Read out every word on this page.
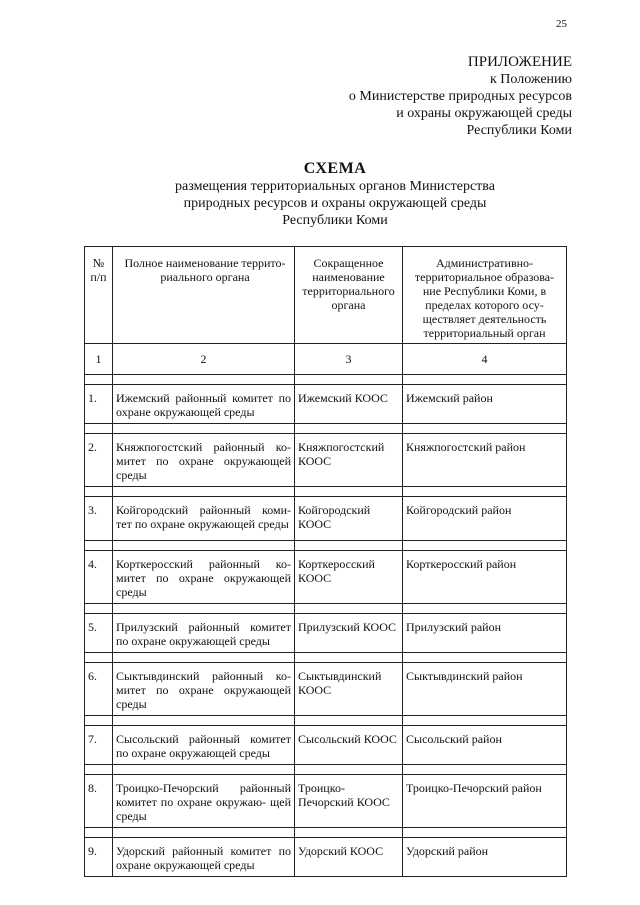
25
ПРИЛОЖЕНИЕ
к Положению
о Министерстве природных ресурсов
и охраны окружающей среды
Республики Коми
СХЕМА
размещения территориальных органов Министерства
природных ресурсов и охраны окружающей среды
Республики Коми
№ п/п	Полное наименование террито- риального органа	Сокращенное наименование территориального органа	Административно- территориальное образова- ние Республики Коми, в пределах которого осу- ществляет деятельность территориальный орган
1	2	3	4

1.	Ижемский районный комитет по охране окружающей среды	Ижемский КООС	Ижемский район

2.	Княжпогостский районный ко- митет по охране окружающей среды	Княжпогостский КООС	Княжпогостский район

3.	Койгородский районный коми- тет по охране окружающей среды	Койгородский КООС	Койгородский район

4.	Корткеросский районный ко- митет по охране окружающей среды	Корткеросский КООС	Корткеросский район

5.	Прилузский районный комитет по охране окружающей среды	Прилузский КООС	Прилузский район

6.	Сыктывдинский районный ко- митет по охране окружающей среды	Сыктывдинский КООС	Сыктывдинский район

7.	Сысольский районный комитет по охране окружающей среды	Сысольский КООС	Сысольский район

8.	Троицко-Печорский районный комитет по охране окружаю- щей среды	Троицко- Печорский КООС	Троицко-Печорский район

9.	Удорский районный комитет по охране окружающей среды	Удорский КООС	Удорский район
